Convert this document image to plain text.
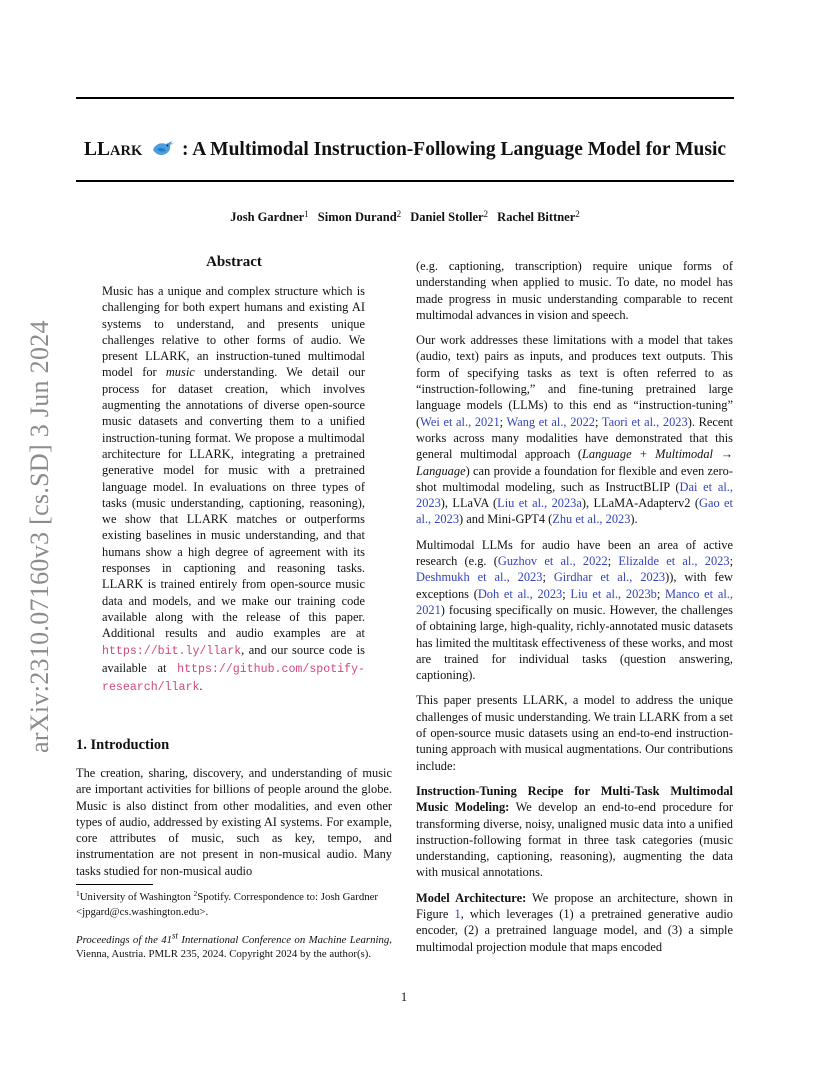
arXiv:2310.07160v3 [cs.SD] 3 Jun 2024
LLARK : A Multimodal Instruction-Following Language Model for Music
Josh Gardner$^1$ Simon Durand$^2$ Daniel Stoller$^2$ Rachel Bittner$^2$
Abstract
Music has a unique and complex structure which is challenging for both expert humans and existing AI systems to understand, and presents unique challenges relative to other forms of audio. We present LLARK, an instruction-tuned multimodal model for music understanding. We detail our process for dataset creation, which involves augmenting the annotations of diverse open-source music datasets and converting them to a unified instruction-tuning format. We propose a multimodal architecture for LLARK, integrating a pretrained generative model for music with a pretrained language model. In evaluations on three types of tasks (music understanding, captioning, reasoning), we show that LLARK matches or outperforms existing baselines in music understanding, and that humans show a high degree of agreement with its responses in captioning and reasoning tasks. LLARK is trained entirely from open-source music data and models, and we make our training code available along with the release of this paper. Additional results and audio examples are at https://bit.ly/llark, and our source code is available at https://github.com/spotify-research/llark.
1. Introduction
The creation, sharing, discovery, and understanding of music are important activities for billions of people around the globe. Music is also distinct from other modalities, and even other types of audio, addressed by existing AI systems. For example, core attributes of music, such as key, tempo, and instrumentation are not present in non-musical audio. Many tasks studied for non-musical audio
$^1$University of Washington $^2$Spotify. Correspondence to: Josh Gardner <jpgard@cs.washington.edu>.
Proceedings of the 41st International Conference on Machine Learning, Vienna, Austria. PMLR 235, 2024. Copyright 2024 by the author(s).

(e.g. captioning, transcription) require unique forms of understanding when applied to music. To date, no model has made progress in music understanding comparable to recent multimodal advances in vision and speech.

Our work addresses these limitations with a model that takes (audio, text) pairs as inputs, and produces text outputs. This form of specifying tasks as text is often referred to as “instruction-following,” and fine-tuning pretrained large language models (LLMs) to this end as “instruction-tuning” (Wei et al., 2021; Wang et al., 2022; Taori et al., 2023). Recent works across many modalities have demonstrated that this general multimodal approach (Language + Multimodal → Language) can provide a foundation for flexible and even zero-shot multimodal modeling, such as InstructBLIP (Dai et al., 2023), LLaVA (Liu et al., 2023a), LLaMA-Adapterv2 (Gao et al., 2023) and Mini-GPT4 (Zhu et al., 2023).

Multimodal LLMs for audio have been an area of active research (e.g. (Guzhov et al., 2022; Elizalde et al., 2023; Deshmukh et al., 2023; Girdhar et al., 2023)), with few exceptions (Doh et al., 2023; Liu et al., 2023b; Manco et al., 2021) focusing specifically on music. However, the challenges of obtaining large, high-quality, richly-annotated music datasets has limited the multitask effectiveness of these works, and most are trained for individual tasks (question answering, captioning).

This paper presents LLARK, a model to address the unique challenges of music understanding. We train LLARK from a set of open-source music datasets using an end-to-end instruction-tuning approach with musical augmentations. Our contributions include:

Instruction-Tuning Recipe for Multi-Task Multimodal Music Modeling: We develop an end-to-end procedure for transforming diverse, noisy, unaligned music data into a unified instruction-following format in three task categories (music understanding, captioning, reasoning), augmenting the data with musical annotations.

Model Architecture: We propose an architecture, shown in Figure 1, which leverages (1) a pretrained generative audio encoder, (2) a pretrained language model, and (3) a simple multimodal projection module that maps encoded

1
